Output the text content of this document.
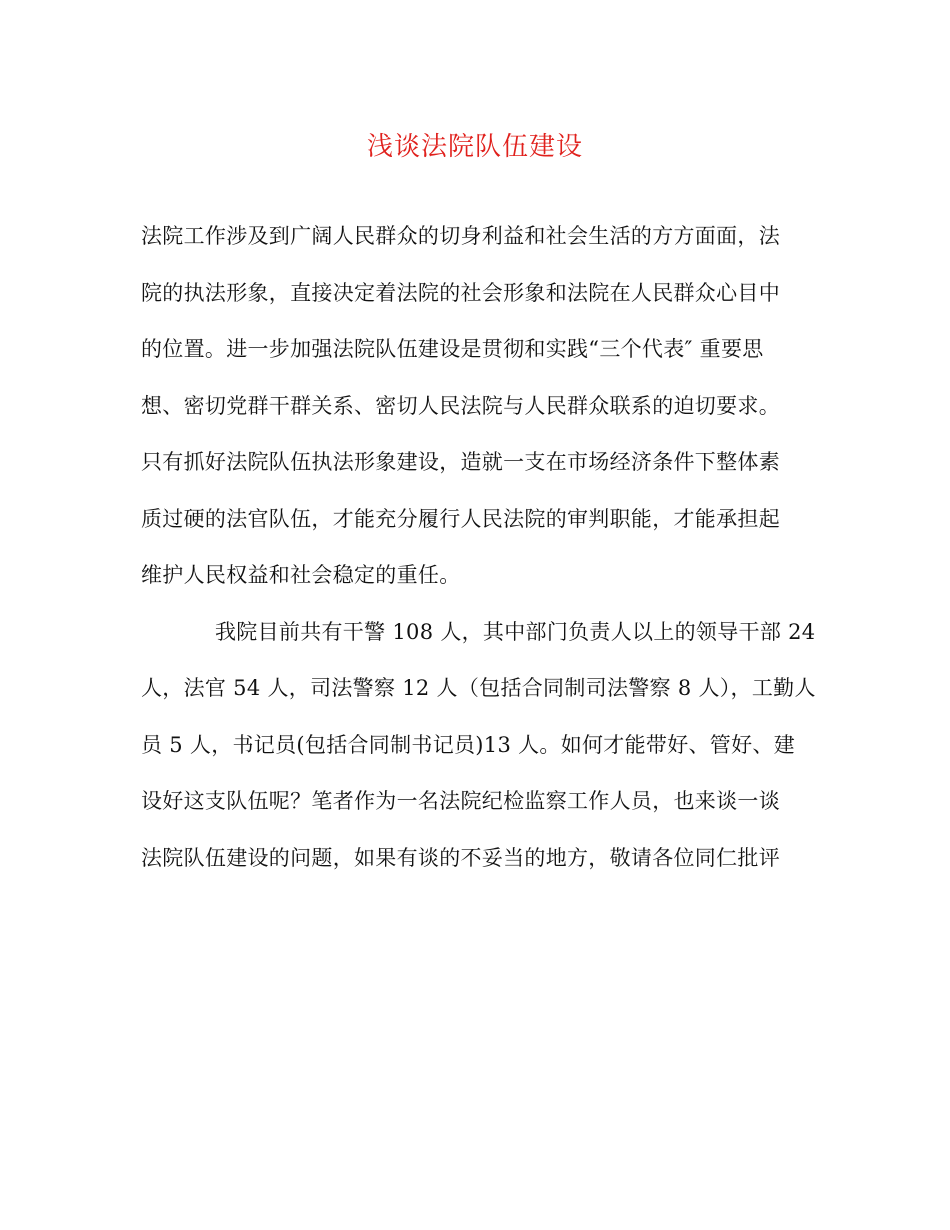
浅谈法院队伍建设
法院工作涉及到广阔人民群众的切身利益和社会生活的方方面面，法
院的执法形象，直接决定着法院的社会形象和法院在人民群众心目中
的位置。进一步加强法院队伍建设是贯彻和实践“三个代表″ 重要思
想、密切党群干群关系、密切人民法院与人民群众联系的迫切要求。
只有抓好法院队伍执法形象建设，造就一支在市场经济条件下整体素
质过硬的法官队伍，才能充分履行人民法院的审判职能，才能承担起
维护人民权益和社会稳定的重任。
我院目前共有干警 108 人，其中部门负责人以上的领导干部 24
人，法官 54 人，司法警察 12 人（包括合同制司法警察 8 人），工勤人
员 5 人，书记员(包括合同制书记员)13 人。如何才能带好、管好、建
设好这支队伍呢？笔者作为一名法院纪检监察工作人员，也来谈一谈
法院队伍建设的问题，如果有谈的不妥当的地方，敬请各位同仁批评
